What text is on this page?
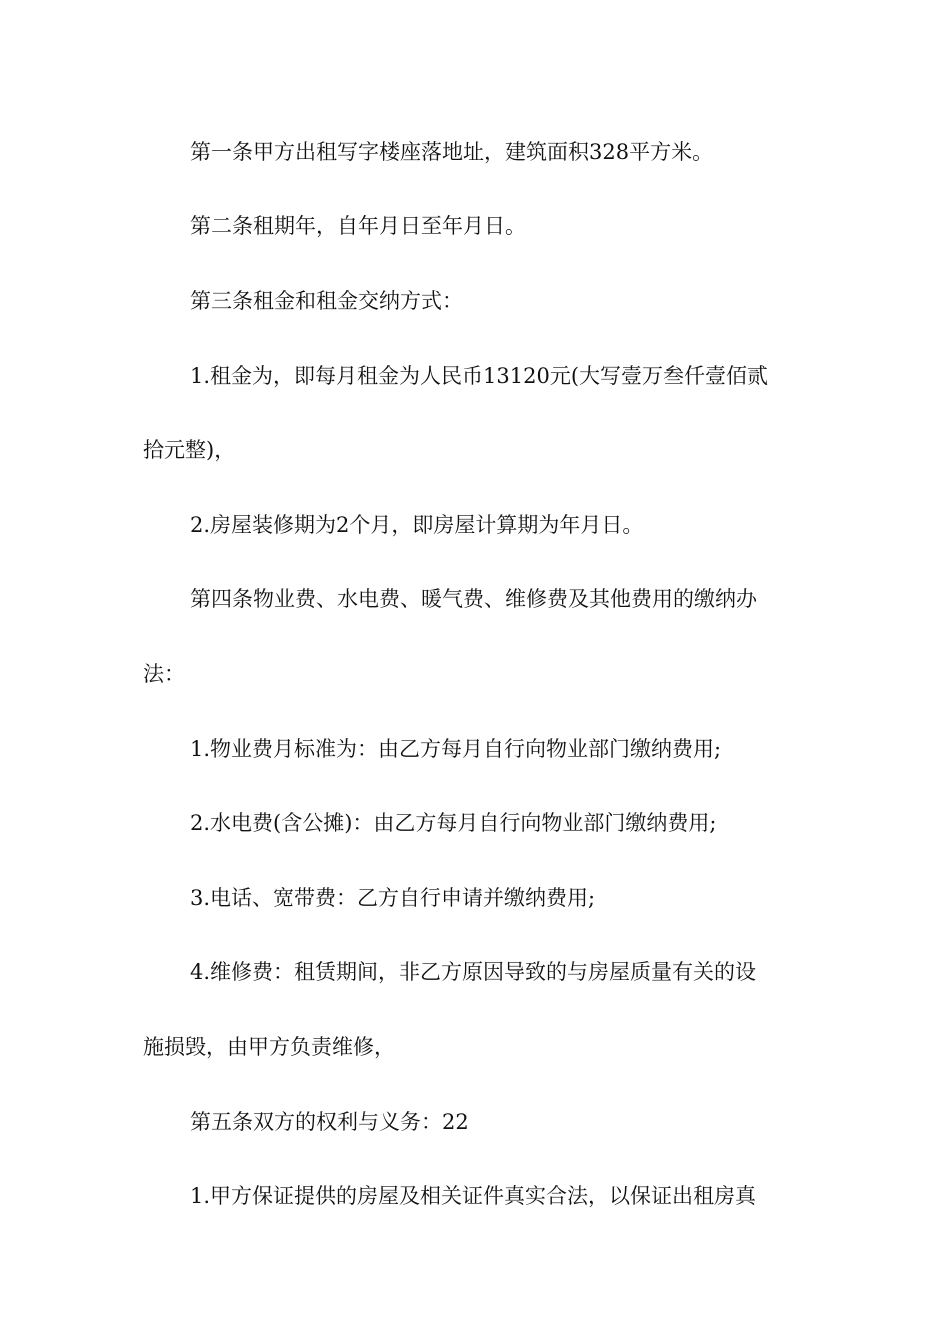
第一条甲方出租写字楼座落地址，建筑面积328平方米。
第二条租期年，自年月日至年月日。
第三条租金和租金交纳方式：
1.租金为，即每月租金为人民币13120元(大写壹万叁仟壹佰贰
拾元整)，
2.房屋装修期为2个月，即房屋计算期为年月日。
第四条物业费、水电费、暖气费、维修费及其他费用的缴纳办
法：
1.物业费月标准为：由乙方每月自行向物业部门缴纳费用;
2.水电费(含公摊)：由乙方每月自行向物业部门缴纳费用;
3.电话、宽带费：乙方自行申请并缴纳费用;
4.维修费：租赁期间，非乙方原因导致的与房屋质量有关的设
施损毁，由甲方负责维修，
第五条双方的权利与义务：22
1.甲方保证提供的房屋及相关证件真实合法，以保证出租房真
